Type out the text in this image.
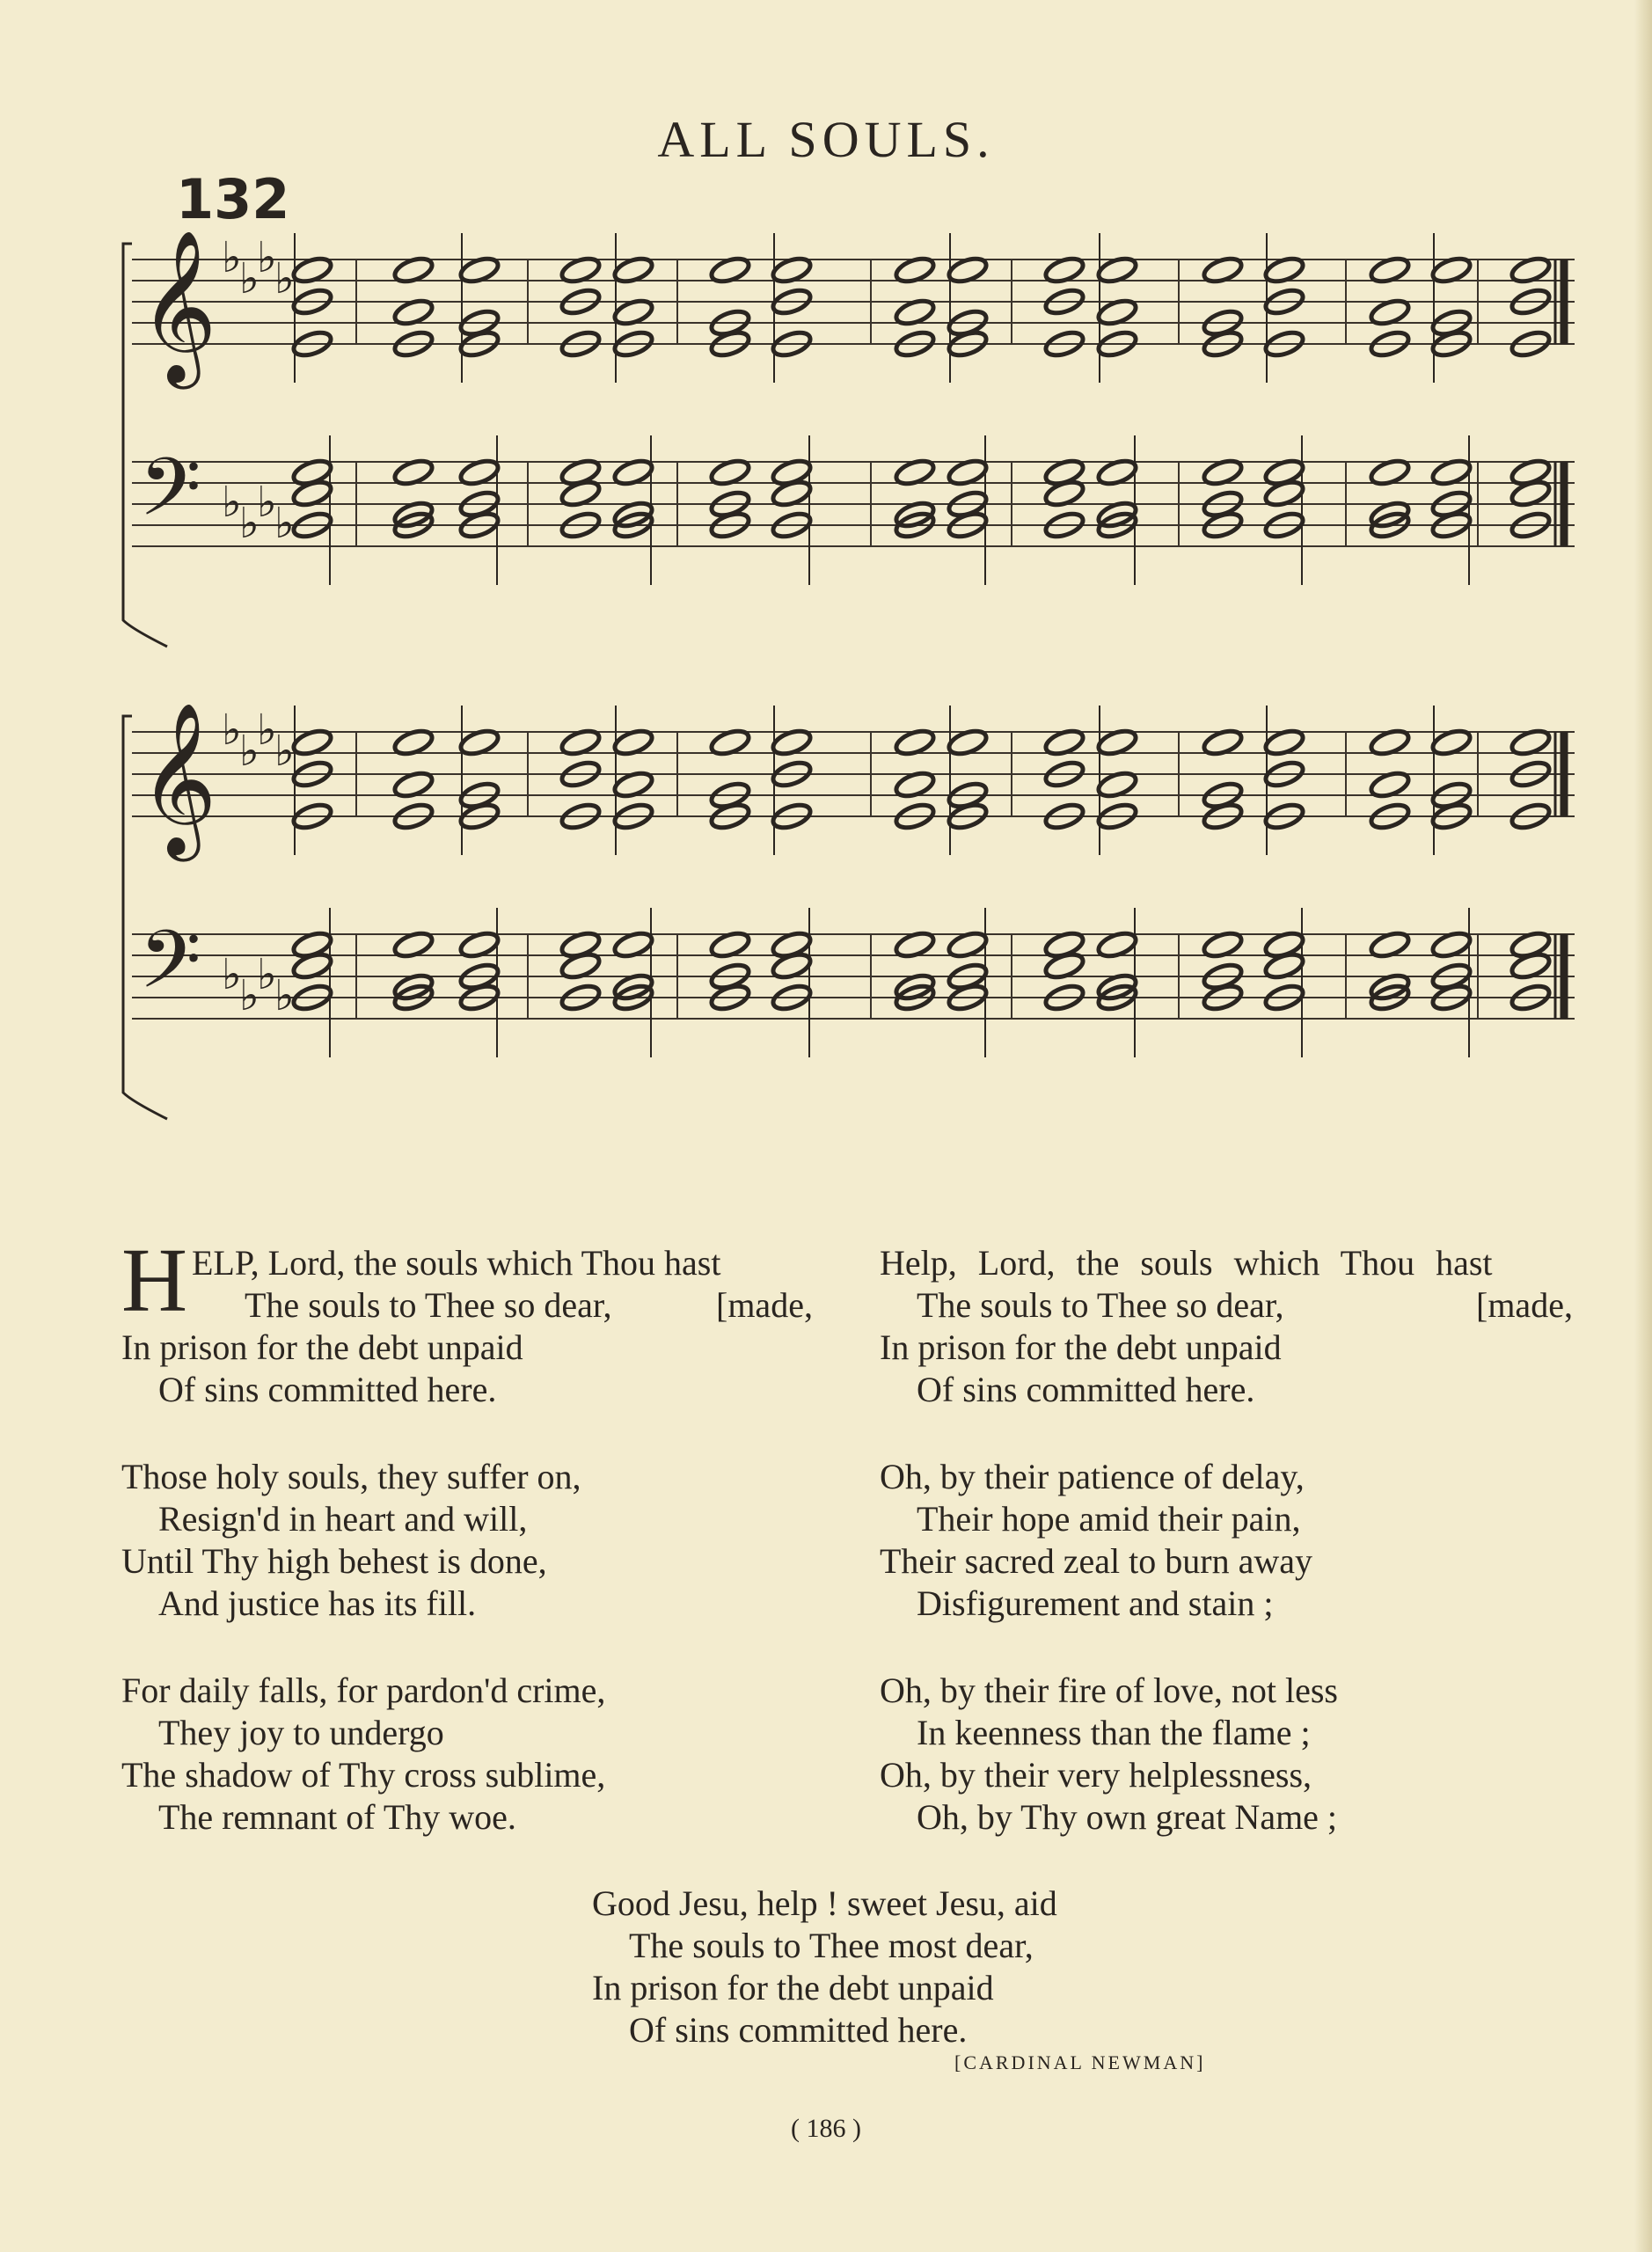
ALL SOULS.
132
𝄞 ♭
♭
♭
♭
𝄢 ♭
♭
♭
♭
𝄞 ♭
♭
♭
♭
𝄢 ♭
♭
♭
♭
H ELP, Lord, the souls which Thou hast
The souls to Thee so dear,	[made,
In prison for the debt unpaid
Of sins committed here.
Those holy souls, they suffer on,
Resign'd in heart and will,
Until Thy high behest is done,
And justice has its fill.
For daily falls, for pardon'd crime,
They joy to undergo
The shadow of Thy cross sublime,
The remnant of Thy woe.
Help, Lord, the souls which Thou hast
The souls to Thee so dear,	[made,
In prison for the debt unpaid
Of sins committed here.
Oh, by their patience of delay,
Their hope amid their pain,
Their sacred zeal to burn away
Disfigurement and stain ;
Oh, by their fire of love, not less
In keenness than the flame ;
Oh, by their very helplessness,
Oh, by Thy own great Name ;
Good Jesu, help ! sweet Jesu, aid
The souls to Thee most dear,
In prison for the debt unpaid
Of sins committed here.
[CARDINAL NEWMAN]
( 186 )
